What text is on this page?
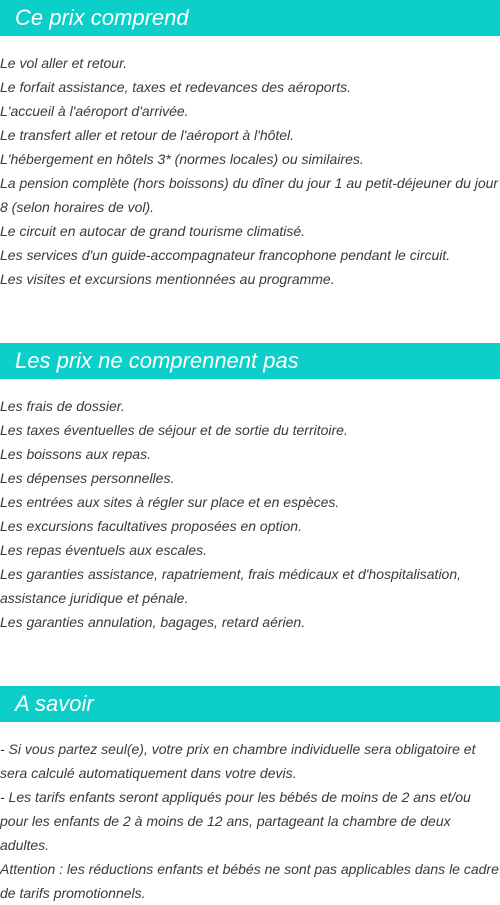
Ce prix comprend
Le vol aller et retour.
Le forfait assistance, taxes et redevances des aéroports.
L'accueil à l'aéroport d'arrivée.
Le transfert aller et retour de l'aéroport à l'hôtel.
L'hébergement en hôtels 3* (normes locales) ou similaires.
La pension complète (hors boissons) du dîner du jour 1 au petit-déjeuner du jour 8 (selon horaires de vol).
Le circuit en autocar de grand tourisme climatisé.
Les services d'un guide-accompagnateur francophone pendant le circuit.
Les visites et excursions mentionnées au programme.
Les prix ne comprennent pas
Les frais de dossier.
Les taxes éventuelles de séjour et de sortie du territoire.
Les boissons aux repas.
Les dépenses personnelles.
Les entrées aux sites à régler sur place et en espèces.
Les excursions facultatives proposées en option.
Les repas éventuels aux escales.
Les garanties assistance, rapatriement, frais médicaux et d'hospitalisation, assistance juridique et pénale.
Les garanties annulation, bagages, retard aérien.
A savoir
- Si vous partez seul(e), votre prix en chambre individuelle sera obligatoire et sera calculé automatiquement dans votre devis.
- Les tarifs enfants seront appliqués pour les bébés de moins de 2 ans et/ou pour les enfants de 2 à moins de 12 ans, partageant la chambre de deux adultes.
Attention : les réductions enfants et bébés ne sont pas applicables dans le cadre de tarifs promotionnels.
